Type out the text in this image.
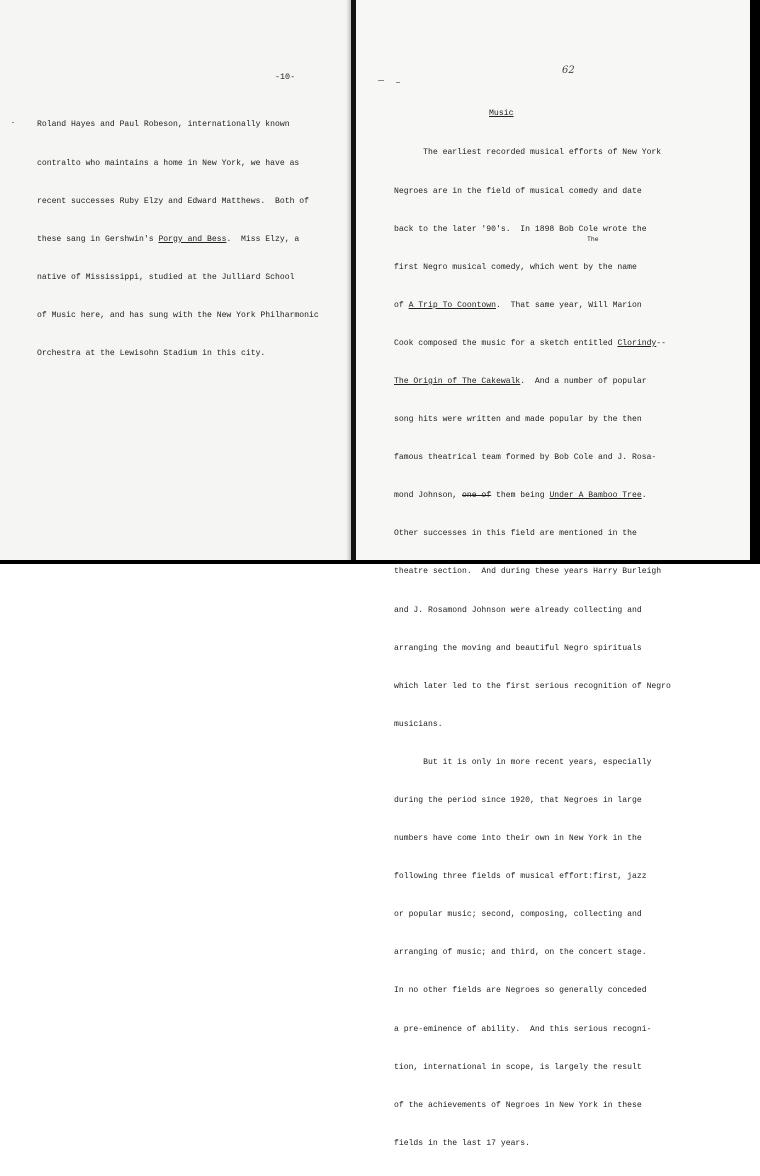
-10-

Roland Hayes and Paul Robeson, internationally known

contralto who maintains a home in New York, we have as

recent successes Ruby Elzy and Edward Matthews.  Both of

these sang in Gershwin's Porgy and Bess.  Miss Elzy, a

native of Mississippi, studied at the Julliard School

of Music here, and has sung with the New York Philharmonic

Orchestra at the Lewisohn Stadium in this city.

62
Music
The

The earliest recorded musical efforts of New York

Negroes are in the field of musical comedy and date

back to the later '90's.  In 1898 Bob Cole wrote the

first Negro musical comedy, which went by the name

of A Trip To Coontown.  That same year, Will Marion

Cook composed the music for a sketch entitled Clorindy--

The Origin of The Cakewalk.  And a number of popular

song hits were written and made popular by the then

famous theatrical team formed by Bob Cole and J. Rosa-

mond Johnson, one of them being Under A Bamboo Tree.

Other successes in this field are mentioned in the

theatre section.  And during these years Harry Burleigh

and J. Rosamond Johnson were already collecting and

arranging the moving and beautiful Negro spirituals

which later led to the first serious recognition of Negro

musicians.

But it is only in more recent years, especially

during the period since 1920, that Negroes in large

numbers have come into their own in New York in the

following three fields of musical effort:first, jazz

or popular music; second, composing, collecting and

arranging of music; and third, on the concert stage.

In no other fields are Negroes so generally conceded

a pre-eminence of ability.  And this serious recogni-

tion, international in scope, is largely the result

of the achievements of Negroes in New York in these

fields in the last 17 years.
